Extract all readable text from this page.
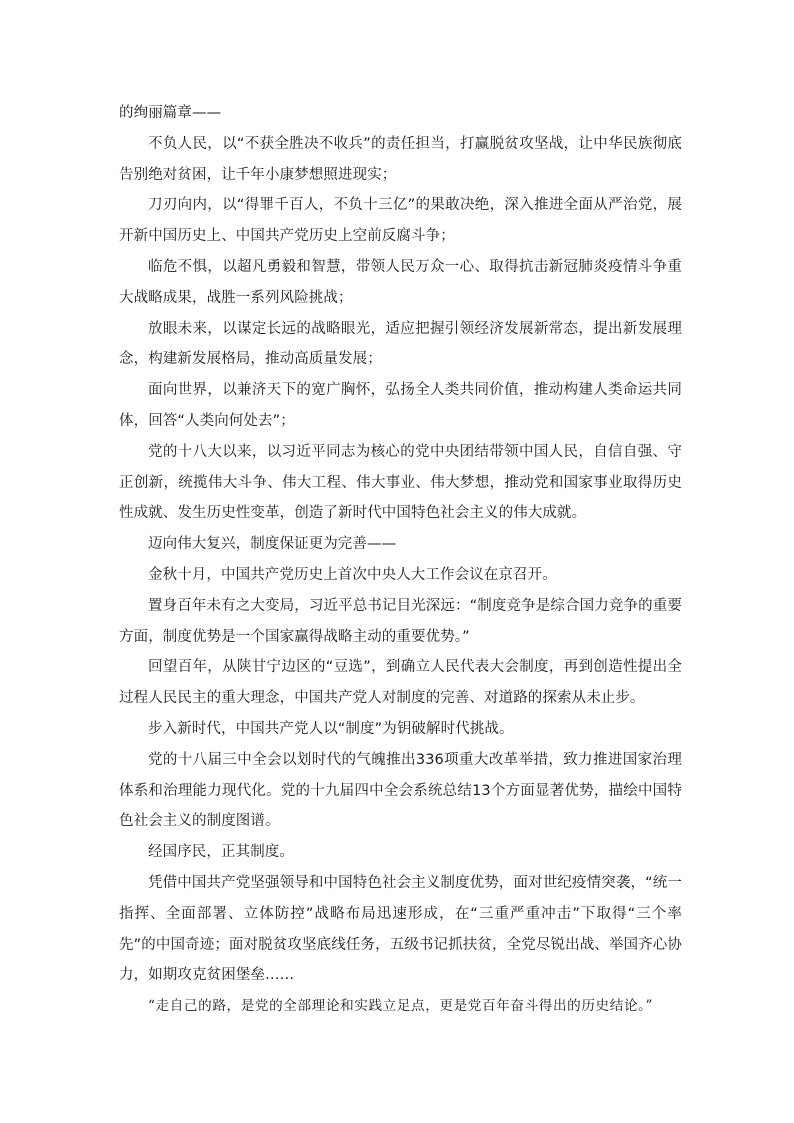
的绚丽篇章——

不负人民，以“不获全胜决不收兵”的责任担当，打赢脱贫攻坚战，让中华民族彻底告别绝对贫困，让千年小康梦想照进现实；

刀刃向内，以“得罪千百人，不负十三亿”的果敢决绝，深入推进全面从严治党，展开新中国历史上、中国共产党历史上空前反腐斗争；

临危不惧，以超凡勇毅和智慧，带领人民万众一心、取得抗击新冠肺炎疫情斗争重大战略成果，战胜一系列风险挑战；

放眼未来，以谋定长远的战略眼光，适应把握引领经济发展新常态，提出新发展理念，构建新发展格局，推动高质量发展；

面向世界，以兼济天下的宽广胸怀，弘扬全人类共同价值，推动构建人类命运共同体，回答“人类向何处去”；

党的十八大以来，以习近平同志为核心的党中央团结带领中国人民，自信自强、守正创新，统揽伟大斗争、伟大工程、伟大事业、伟大梦想，推动党和国家事业取得历史性成就、发生历史性变革，创造了新时代中国特色社会主义的伟大成就。

迈向伟大复兴，制度保证更为完善——

金秋十月，中国共产党历史上首次中央人大工作会议在京召开。

置身百年未有之大变局，习近平总书记目光深远：“制度竞争是综合国力竞争的重要方面，制度优势是一个国家赢得战略主动的重要优势。”

回望百年，从陕甘宁边区的“豆选”，到确立人民代表大会制度，再到创造性提出全过程人民民主的重大理念，中国共产党人对制度的完善、对道路的探索从未止步。

步入新时代，中国共产党人以“制度”为钥破解时代挑战。

党的十八届三中全会以划时代的气魄推出336项重大改革举措，致力推进国家治理体系和治理能力现代化。党的十九届四中全会系统总结13个方面显著优势，描绘中国特色社会主义的制度图谱。

经国序民，正其制度。

凭借中国共产党坚强领导和中国特色社会主义制度优势，面对世纪疫情突袭，“统一指挥、全面部署、立体防控”战略布局迅速形成，在“三重严重冲击”下取得“三个率先”的中国奇迹；面对脱贫攻坚底线任务，五级书记抓扶贫，全党尽锐出战、举国齐心协力，如期攻克贫困堡垒……

“走自己的路，是党的全部理论和实践立足点，更是党百年奋斗得出的历史结论。”
